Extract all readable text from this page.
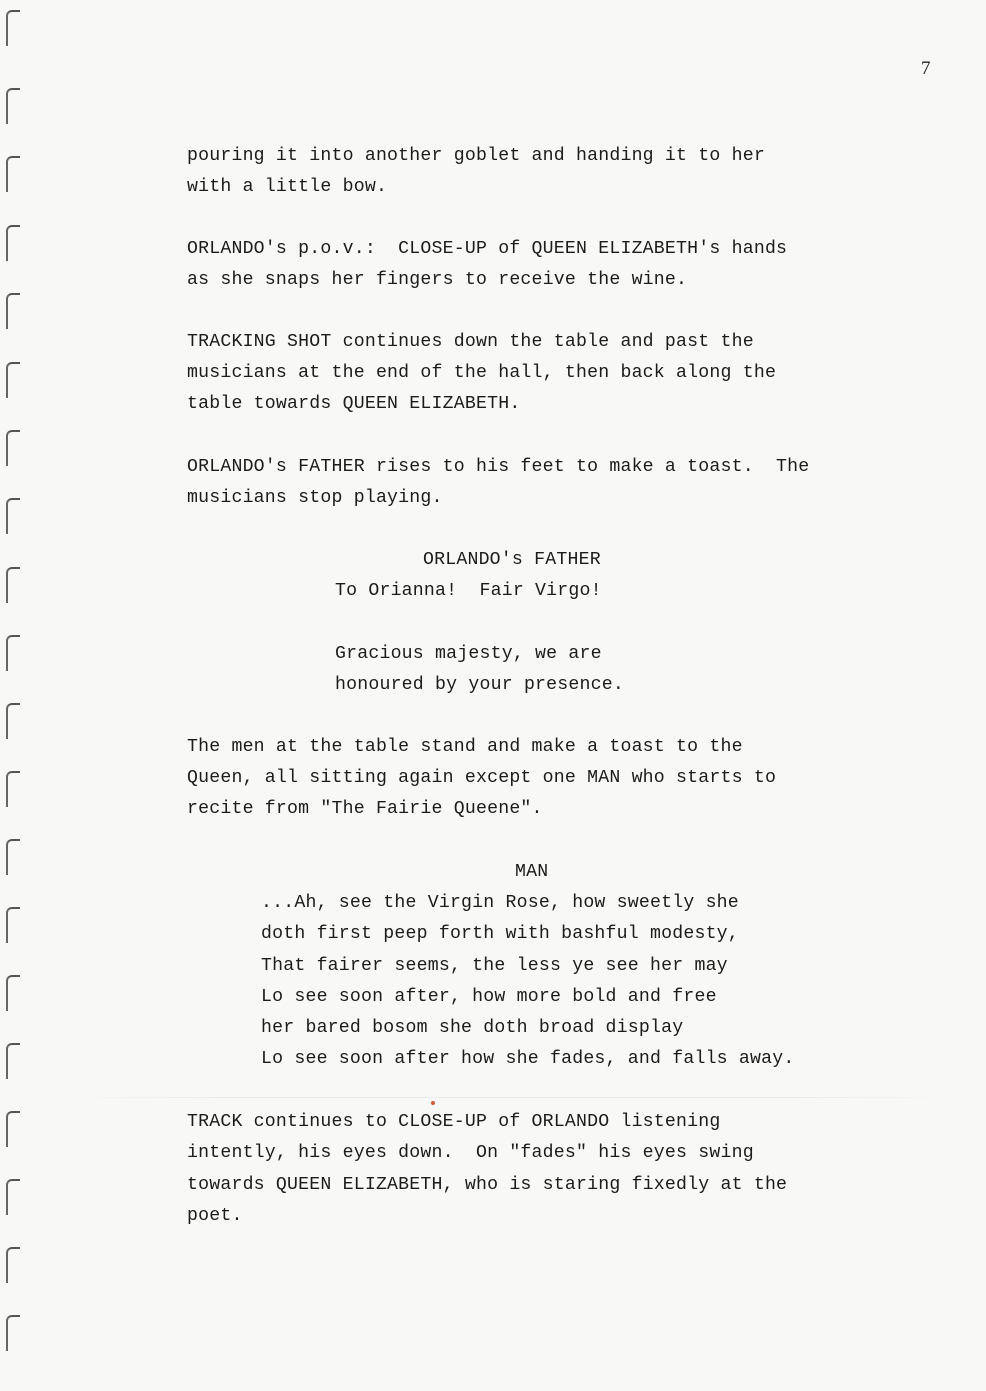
7
pouring it into another goblet and handing it to her
with a little bow.
ORLANDO's p.o.v.:  CLOSE-UP of QUEEN ELIZABETH's hands
as she snaps her fingers to receive the wine.
TRACKING SHOT continues down the table and past the
musicians at the end of the hall, then back along the
table towards QUEEN ELIZABETH.
ORLANDO's FATHER rises to his feet to make a toast.  The
musicians stop playing.
ORLANDO's FATHER
To Orianna!  Fair Virgo!
Gracious majesty, we are
honoured by your presence.
The men at the table stand and make a toast to the
Queen, all sitting again except one MAN who starts to
recite from "The Fairie Queene".
MAN
...Ah, see the Virgin Rose, how sweetly she
doth first peep forth with bashful modesty,
That fairer seems, the less ye see her may
Lo see soon after, how more bold and free
her bared bosom she doth broad display
Lo see soon after how she fades, and falls away.
TRACK continues to CLOSE-UP of ORLANDO listening
intently, his eyes down.  On "fades" his eyes swing
towards QUEEN ELIZABETH, who is staring fixedly at the
poet.
